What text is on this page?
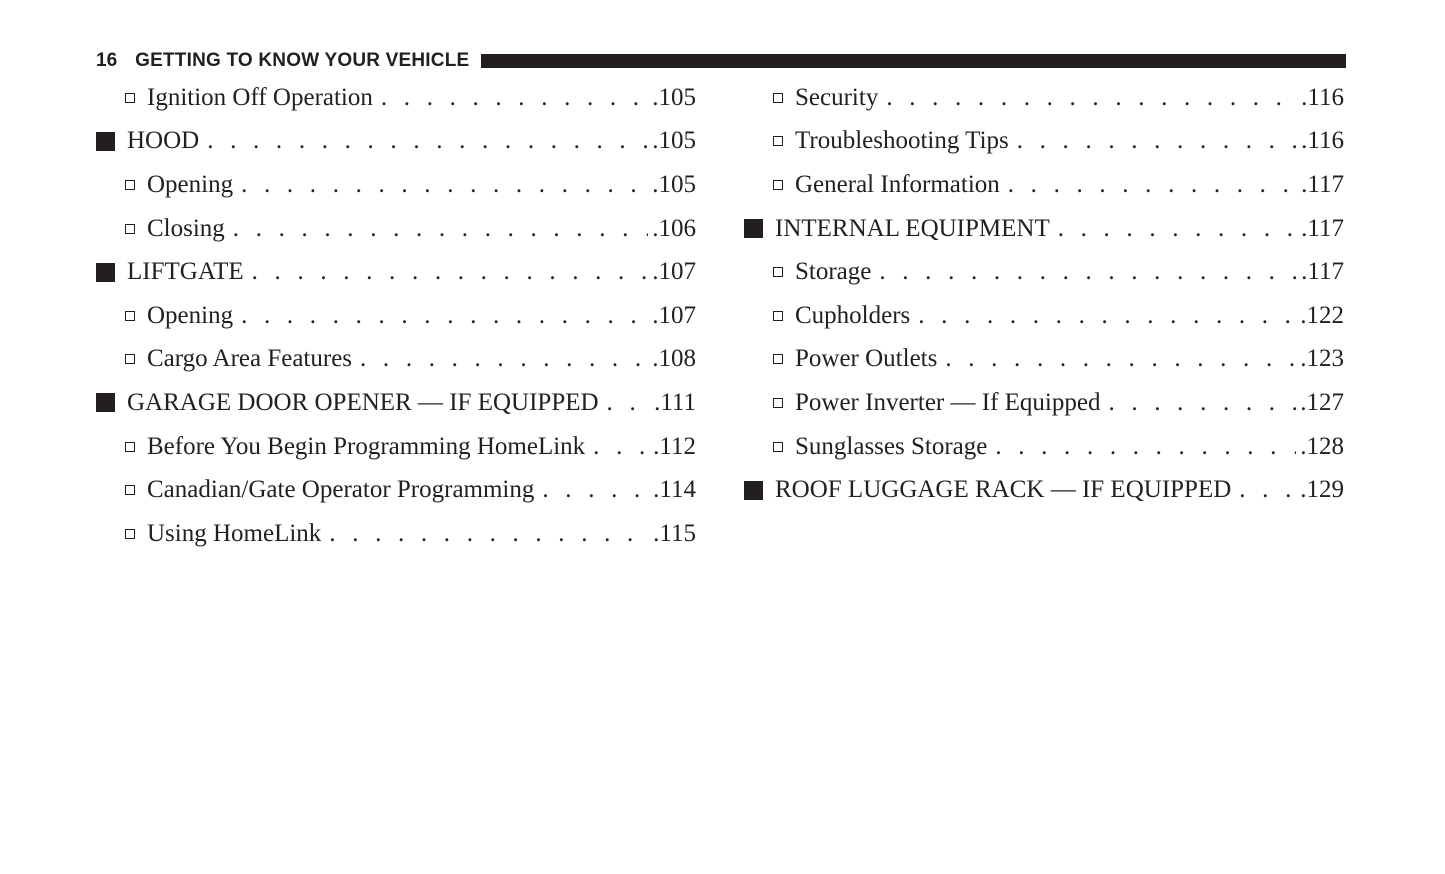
16 GETTING TO KNOW YOUR VEHICLE
Ignition Off Operation . . .	.105
HOOD . . .	.105
Opening . . .	.105
Closing . . .	.106
LIFTGATE . . .	.107
Opening . . .	.107
Cargo Area Features . . .	.108
GARAGE DOOR OPENER — IF EQUIPPED . . . .111
Before You Begin Programming HomeLink . . .	.112
Canadian/Gate Operator Programming . . .	.114
Using HomeLink . . .	.115
Security . . .	.116
Troubleshooting Tips . . .	.116
General Information . . .	.117
INTERNAL EQUIPMENT . . .	.117
Storage . . .	.117
Cupholders . . .	.122
Power Outlets . . .	.123
Power Inverter — If Equipped . . .	.127
Sunglasses Storage . . .	.128
ROOF LUGGAGE RACK — IF EQUIPPED . . .	.129
